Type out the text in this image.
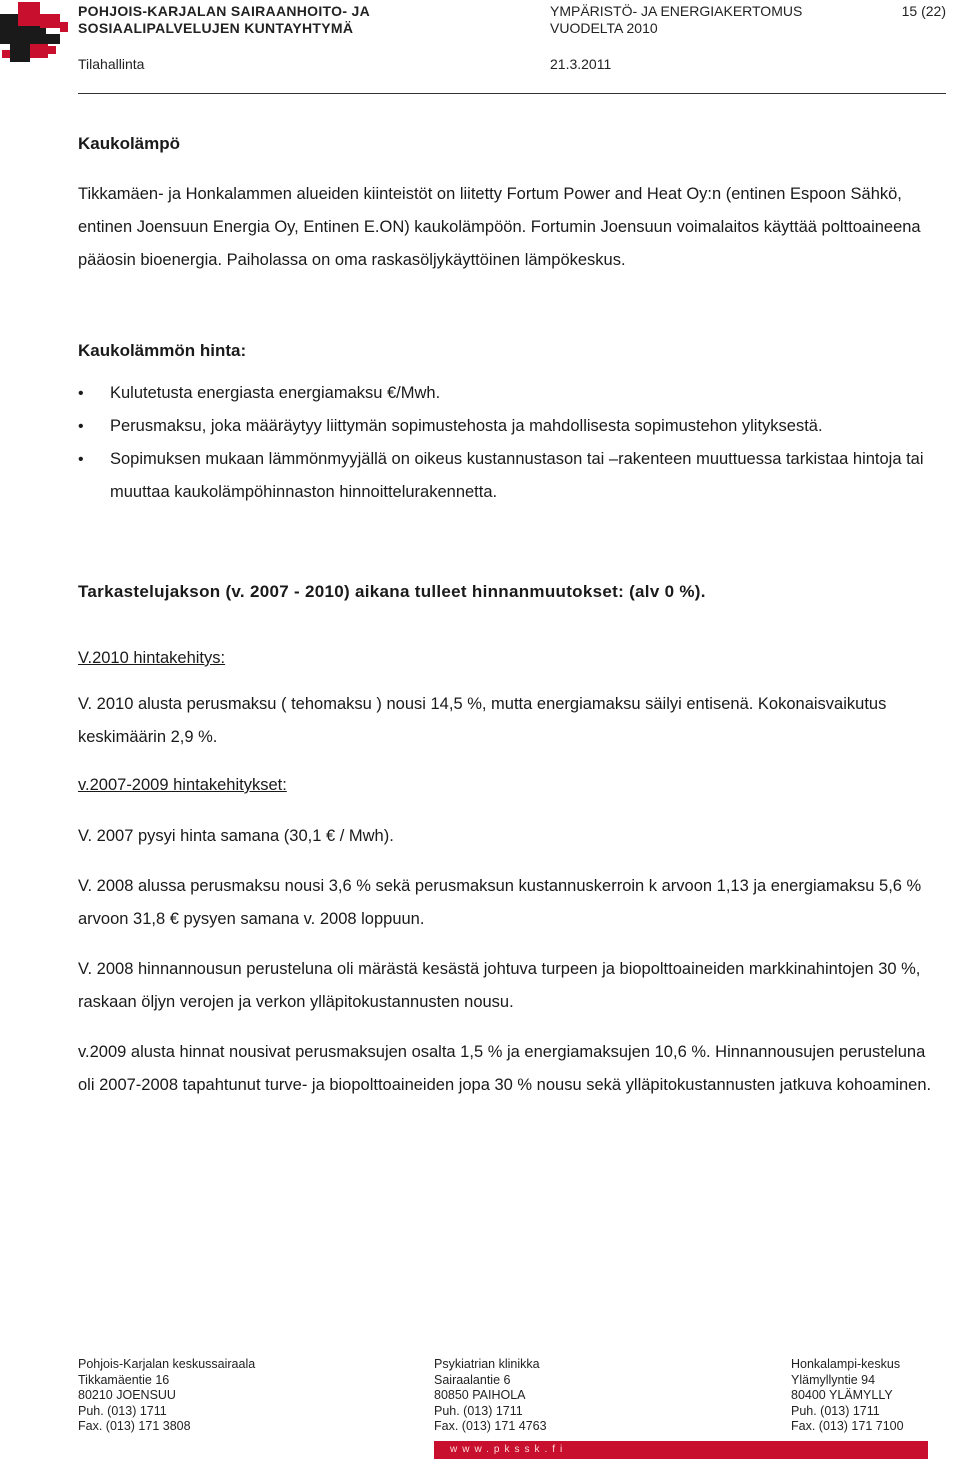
POHJOIS-KARJALAN SAIRAANHOITO- JA
SOSIAALIPALVELUJEN KUNTAYHTYMÄ
YMPÄRISTÖ- JA ENERGIAKERTOMUS
VUODELTA 2010
15 (22)
Tilahallinta	21.3.2011
Kaukolämpö

Tikkamäen- ja Honkalammen alueiden kiinteistöt on liitetty Fortum Power and Heat Oy:n (entinen Espoon Sähkö, entinen Joensuun Energia Oy, Entinen E.ON) kaukolämpöön. Fortumin Joensuun voimalaitos käyttää polttoaineena pääosin bioenergia. Paiholassa on oma raskasöljykäyttöinen lämpökeskus.

Kaukolämmön hinta:
• Kulutetusta energiasta energiamaksu €/Mwh.
• Perusmaksu, joka määräytyy liittymän sopimustehosta ja mahdollisesta sopimustehon ylityksestä.
• Sopimuksen mukaan lämmönmyyjällä on oikeus kustannustason tai –rakenteen muuttuessa tarkistaa hintoja tai muuttaa kaukolämpöhinnaston hinnoittelurakennetta.
Tarkastelujakson (v. 2007 - 2010) aikana tulleet hinnanmuutokset: (alv 0 %).
V.2010 hintakehitys:

V. 2010 alusta perusmaksu ( tehomaksu ) nousi 14,5 %, mutta energiamaksu säilyi entisenä. Kokonaisvaikutus keskimäärin 2,9 %.

v.2007-2009 hintakehitykset:

V. 2007 pysyi hinta samana (30,1 € / Mwh).

V. 2008 alussa perusmaksu nousi 3,6 % sekä perusmaksun kustannuskerroin k arvoon 1,13 ja energiamaksu 5,6 % arvoon 31,8 € pysyen samana v. 2008 loppuun.

V. 2008 hinnannousun perusteluna oli märästä kesästä johtuva turpeen ja biopolttoaineiden markkinahintojen 30 %, raskaan öljyn verojen ja verkon ylläpitokustannusten nousu.

v.2009 alusta hinnat nousivat perusmaksujen osalta 1,5 % ja energiamaksujen 10,6 %. Hinnannousujen perusteluna oli 2007-2008 tapahtunut turve- ja biopolttoaineiden jopa 30 % nousu sekä ylläpitokustannusten jatkuva kohoaminen.

Pohjois-Karjalan keskussairaala
Tikkamäentie 16
80210 JOENSUU
Puh. (013) 1711
Fax. (013) 171 3808
Psykiatrian klinikka
Sairaalantie 6
80850 PAIHOLA
Puh. (013) 1711
Fax. (013) 171 4763
Honkalampi-keskus
Ylämyllyntie 94
80400 YLÄMYLLY
Puh. (013) 1711
Fax. (013) 171 7100
www.pkssk.fi
